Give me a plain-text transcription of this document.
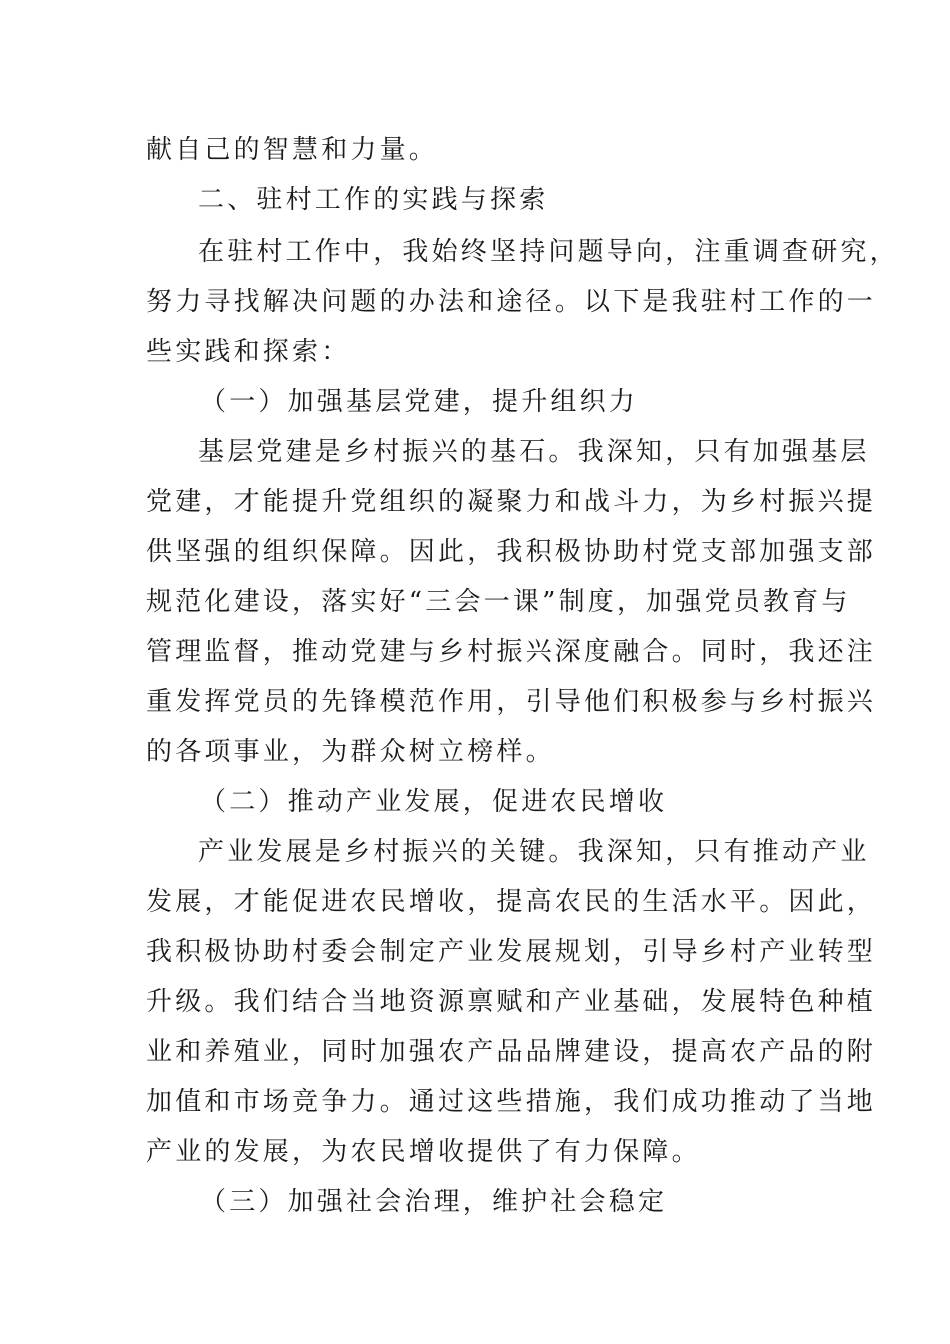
献自己的智慧和力量。
二、驻村工作的实践与探索
在驻村工作中，我始终坚持问题导向，注重调查研究，
努力寻找解决问题的办法和途径。以下是我驻村工作的一
些实践和探索：
（一）加强基层党建，提升组织力
基层党建是乡村振兴的基石。我深知，只有加强基层
党建，才能提升党组织的凝聚力和战斗力，为乡村振兴提
供坚强的组织保障。因此，我积极协助村党支部加强支部
规范化建设，落实好“三会一课”制度，加强党员教育与
管理监督，推动党建与乡村振兴深度融合。同时，我还注
重发挥党员的先锋模范作用，引导他们积极参与乡村振兴
的各项事业，为群众树立榜样。
（二）推动产业发展，促进农民增收
产业发展是乡村振兴的关键。我深知，只有推动产业
发展，才能促进农民增收，提高农民的生活水平。因此，
我积极协助村委会制定产业发展规划，引导乡村产业转型
升级。我们结合当地资源禀赋和产业基础，发展特色种植
业和养殖业，同时加强农产品品牌建设，提高农产品的附
加值和市场竞争力。通过这些措施，我们成功推动了当地
产业的发展，为农民增收提供了有力保障。
（三）加强社会治理，维护社会稳定
